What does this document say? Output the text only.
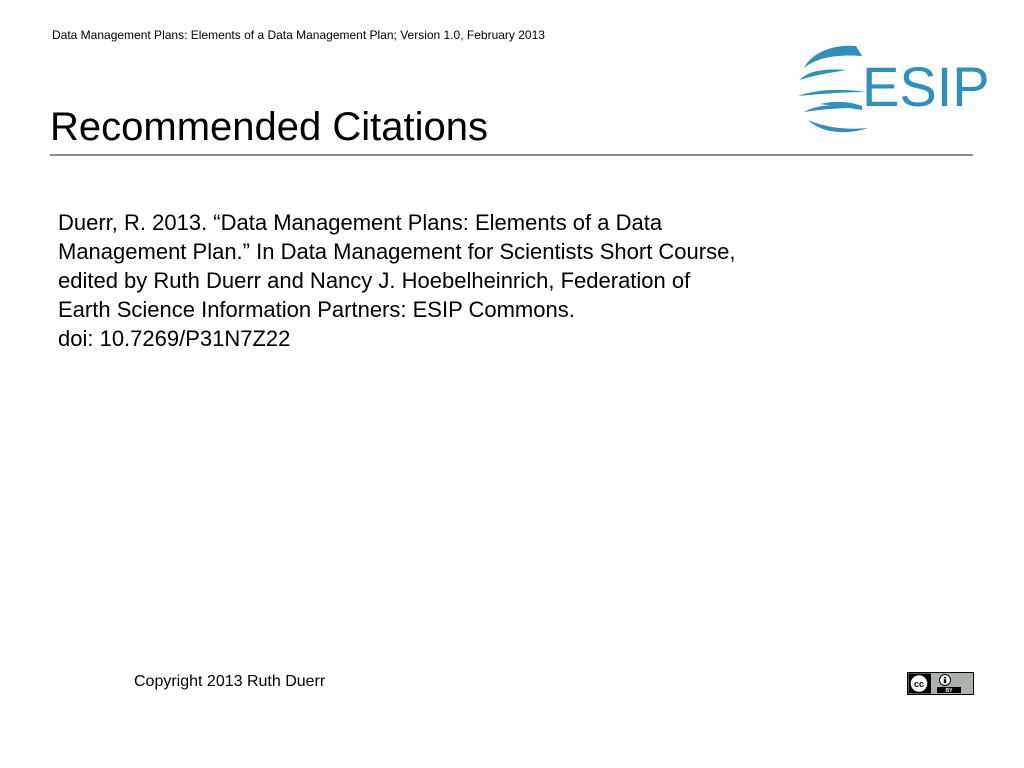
Data Management Plans: Elements of a Data Management Plan; Version 1.0, February 2013
ESIP
Recommended Citations
Duerr, R. 2013. “Data Management Plans: Elements of a Data
Management Plan.” In Data Management for Scientists Short Course,
edited by Ruth Duerr and Nancy J. Hoebelheinrich, Federation of
Earth Science Information Partners: ESIP Commons.
doi: 10.7269/P31N7Z22
Copyright 2013 Ruth Duerr	cc
BY
